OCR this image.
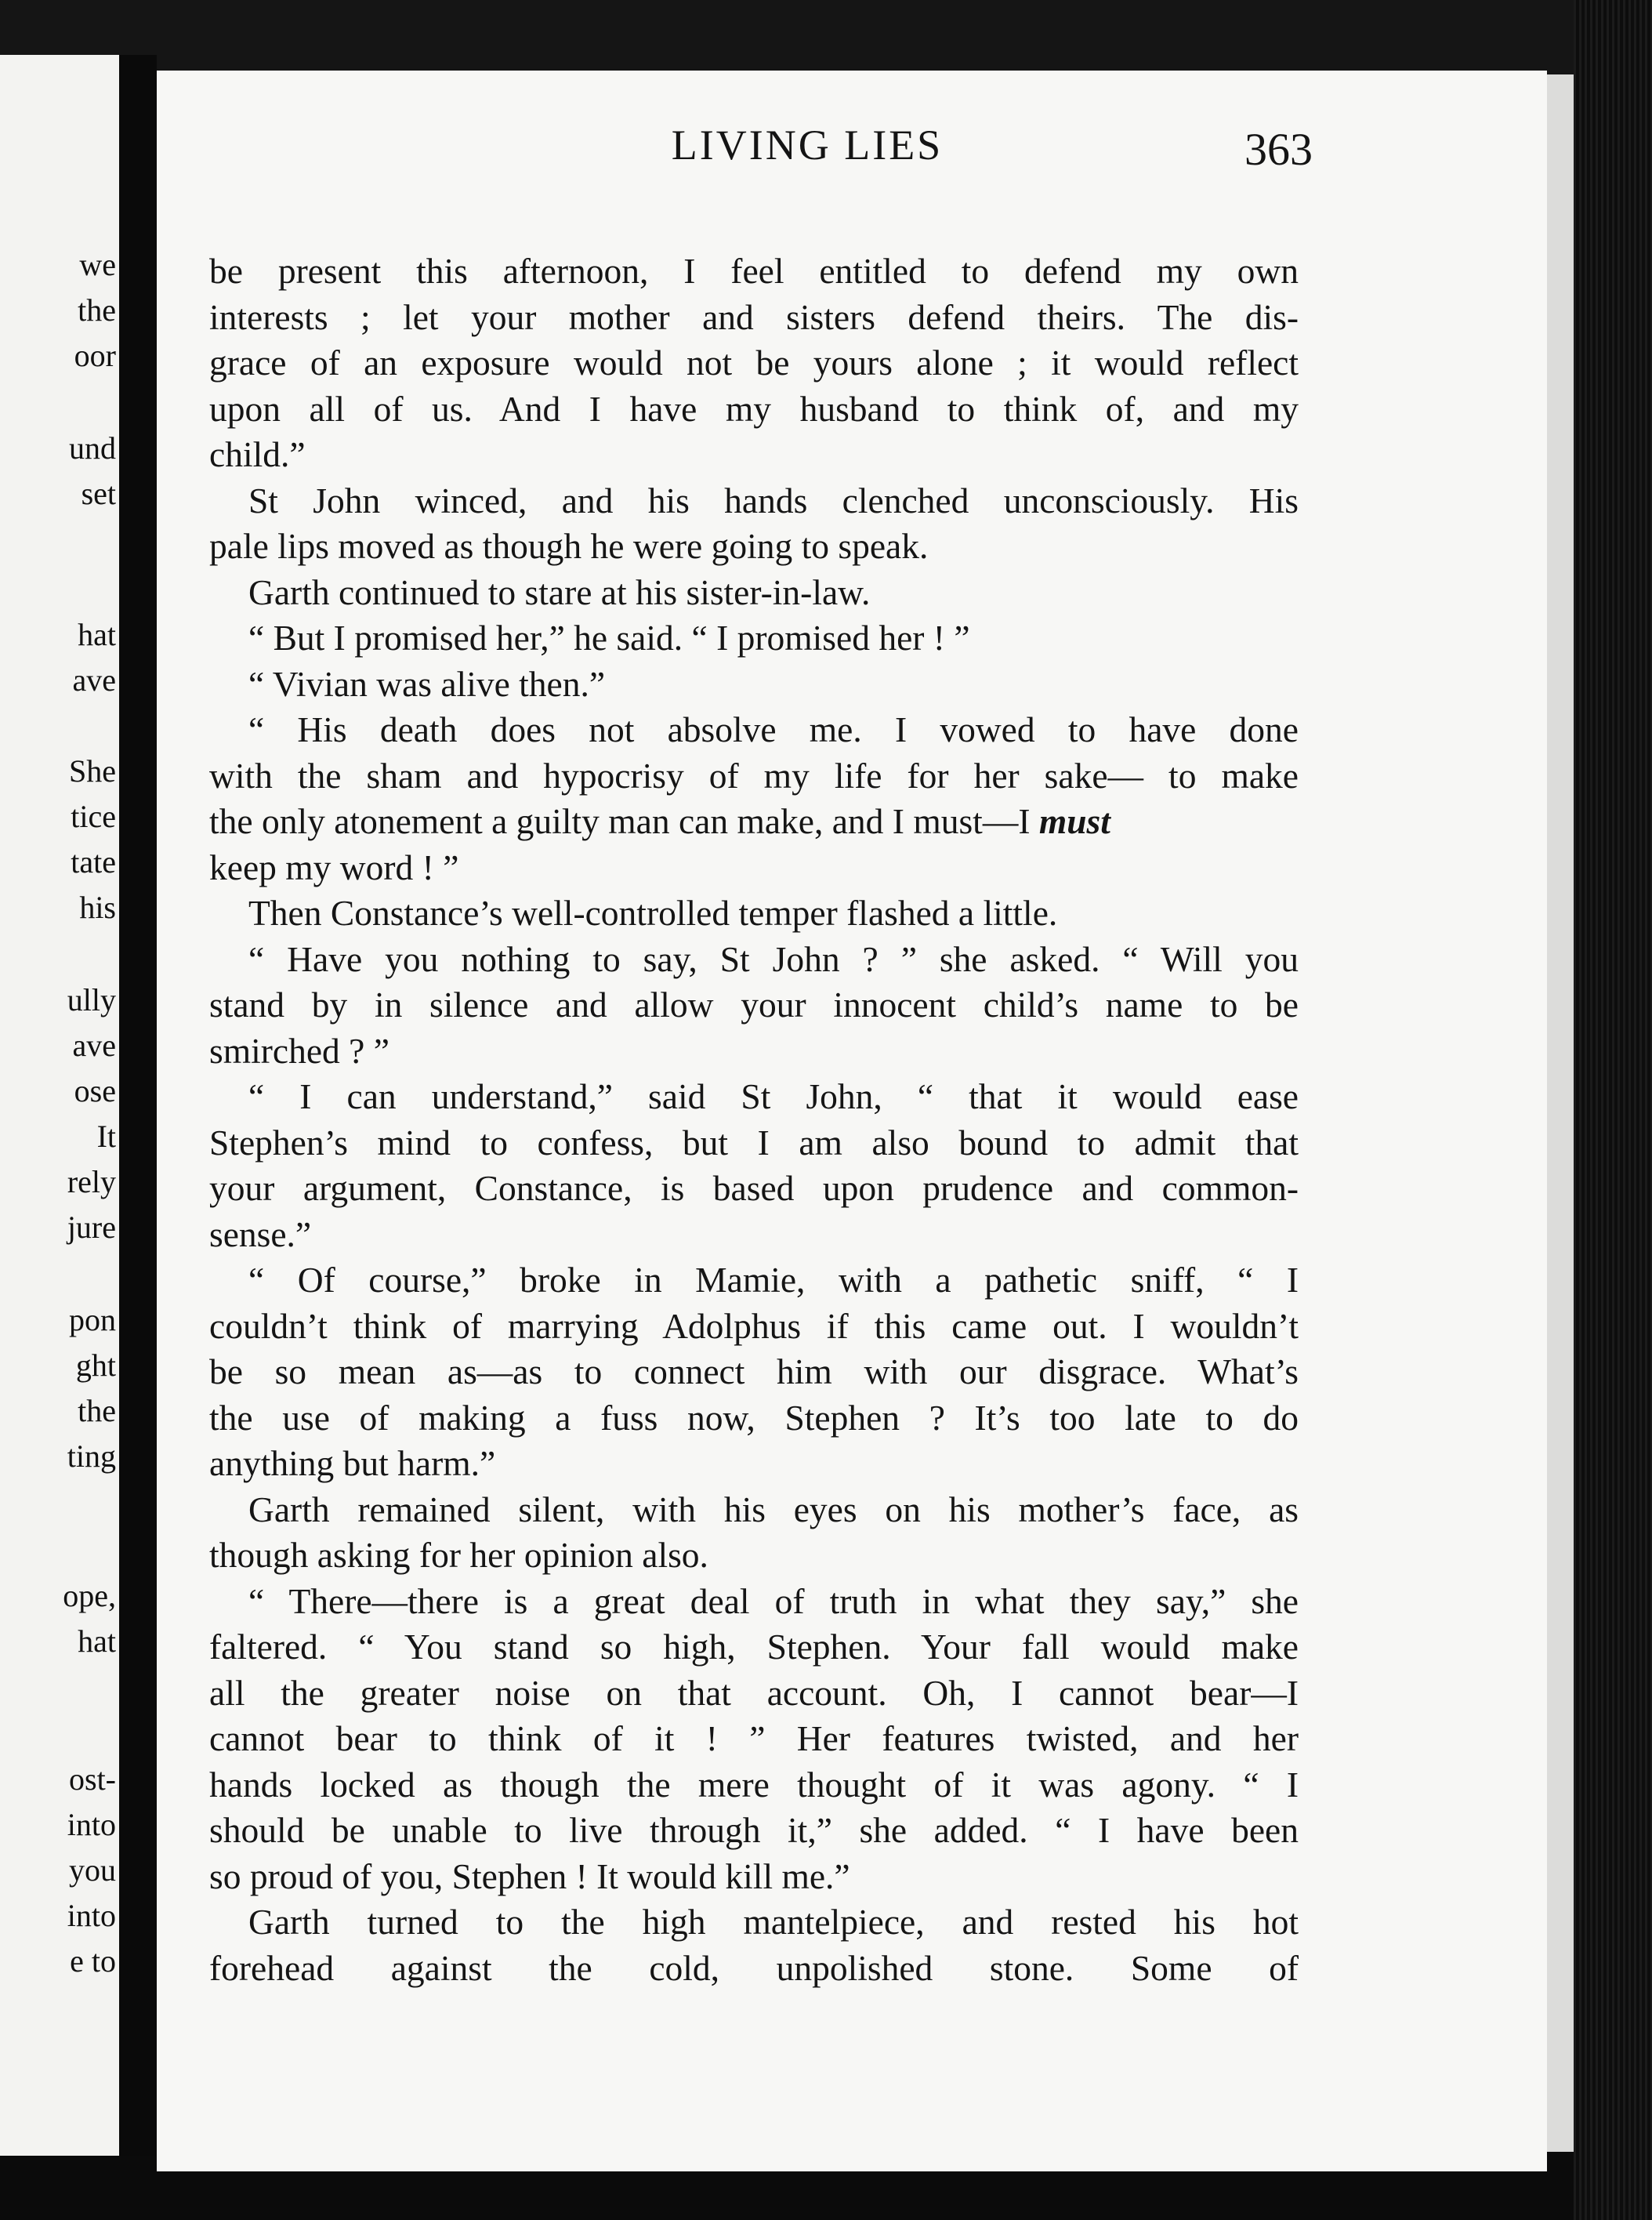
we
the
oor
und
set
hat
ave
She
tice
tate
his
ully
ave
ose
It
rely
jure
pon
ght
the
ting
ope,
hat
ost-
into
you
into
e to
LIVING LIES	363
be present this afternoon, I feel entitled to defend my own
interests ; let your mother and sisters defend theirs. The dis-
grace of an exposure would not be yours alone ; it would reflect
upon all of us. And I have my husband to think of, and my
child.”
St John winced, and his hands clenched unconsciously. His
pale lips moved as though he were going to speak.
Garth continued to stare at his sister-in-law.
“ But I promised her,” he said. “ I promised her ! ”
“ Vivian was alive then.”
“ His death does not absolve me. I vowed to have done
with the sham and hypocrisy of my life for her sake— to make
the only atonement a guilty man can make, and I must—I must
keep my word ! ”
Then Constance’s well-controlled temper flashed a little.
“ Have you nothing to say, St John ? ” she asked. “ Will you
stand by in silence and allow your innocent child’s name to be
smirched ? ”
“ I can understand,” said St John, “ that it would ease
Stephen’s mind to confess, but I am also bound to admit that
your argument, Constance, is based upon prudence and common-
sense.”
“ Of course,” broke in Mamie, with a pathetic sniff, “ I
couldn’t think of marrying Adolphus if this came out. I wouldn’t
be so mean as—as to connect him with our disgrace. What’s
the use of making a fuss now, Stephen ? It’s too late to do
anything but harm.”
Garth remained silent, with his eyes on his mother’s face, as
though asking for her opinion also.
“ There—there is a great deal of truth in what they say,” she
faltered. “ You stand so high, Stephen. Your fall would make
all the greater noise on that account. Oh, I cannot bear—I
cannot bear to think of it ! ” Her features twisted, and her
hands locked as though the mere thought of it was agony. “ I
should be unable to live through it,” she added. “ I have been
so proud of you, Stephen ! It would kill me.”
Garth turned to the high mantelpiece, and rested his hot
forehead against the cold, unpolished stone. Some of
